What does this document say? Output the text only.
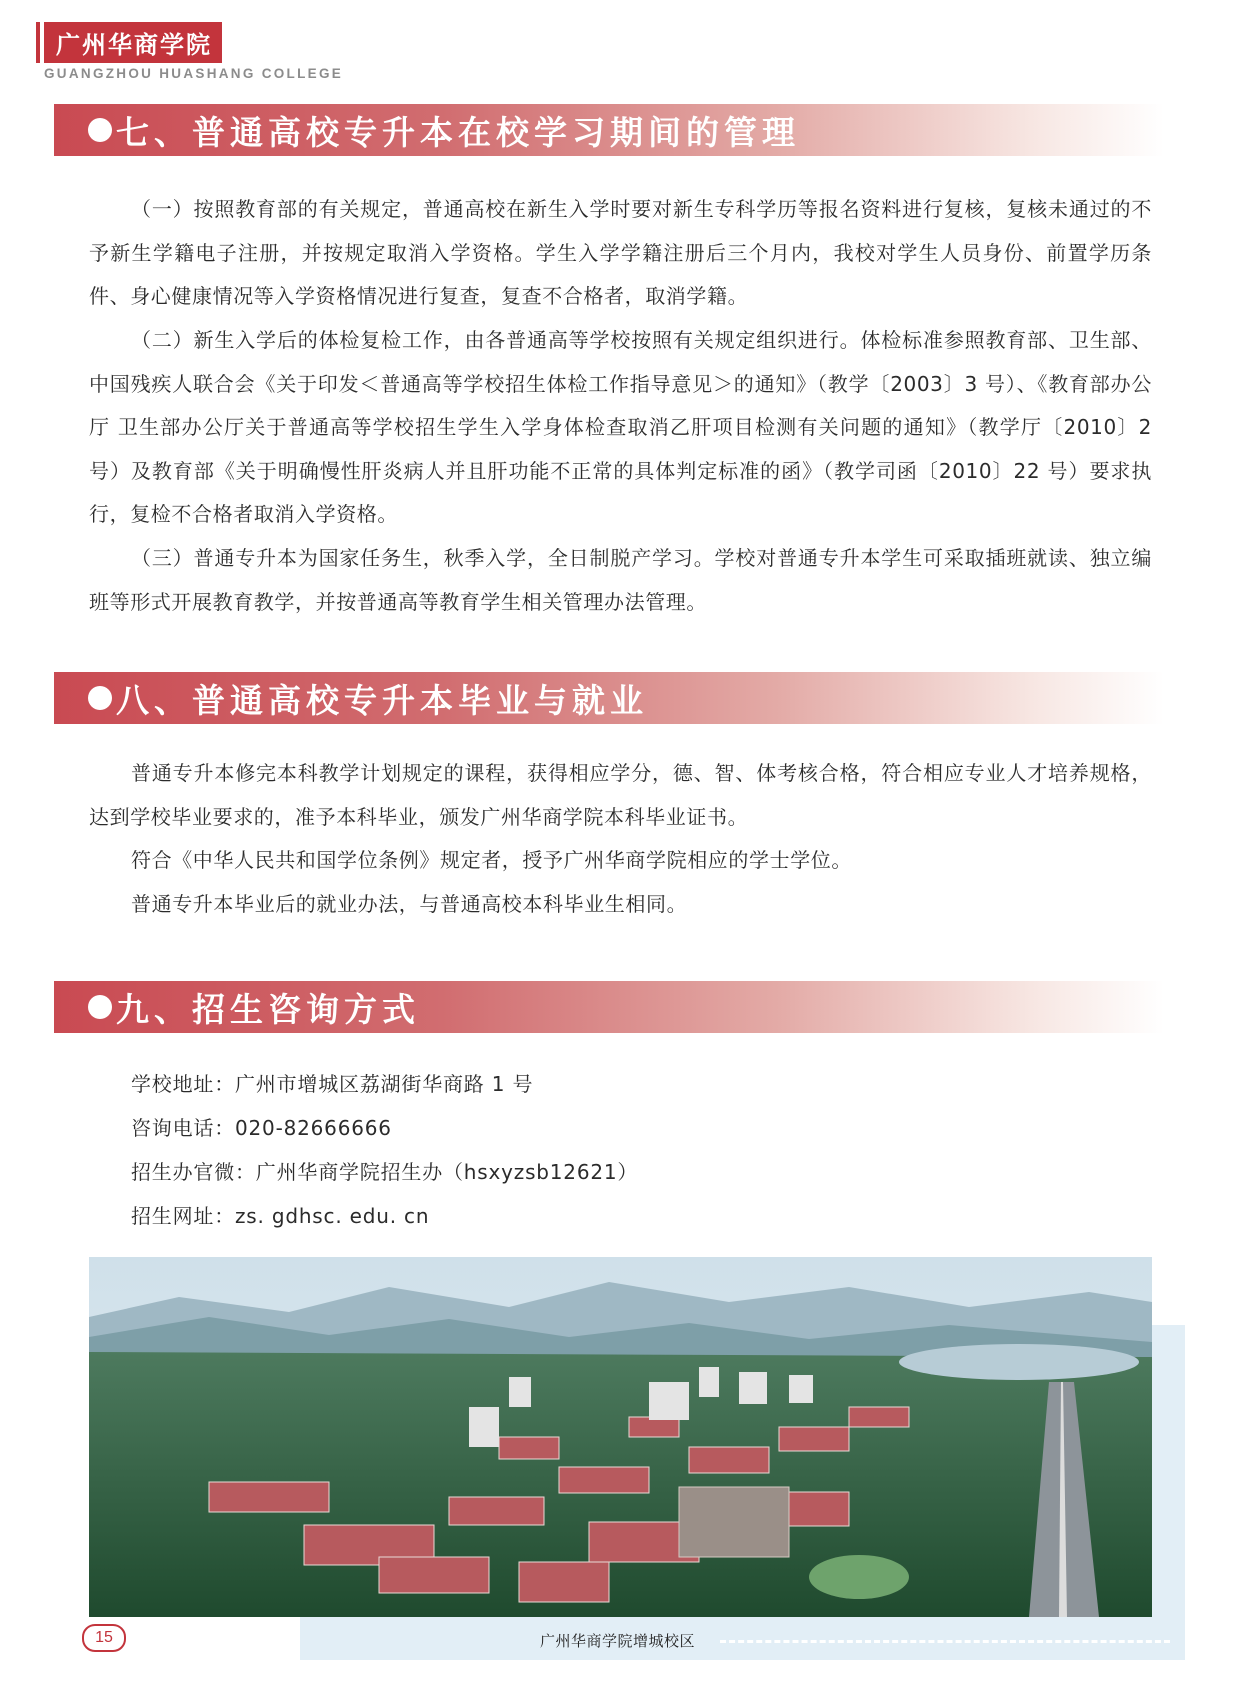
广州华商学院
GUANGZHOU HUASHANG COLLEGE
七、普通高校专升本在校学习期间的管理

（一）按照教育部的有关规定，普通高校在新生入学时要对新生专科学历等报名资料进行复核，复核未通过的不予新生学籍电子注册，并按规定取消入学资格。学生入学学籍注册后三个月内，我校对学生人员身份、前置学历条件、身心健康情况等入学资格情况进行复查，复查不合格者，取消学籍。

（二）新生入学后的体检复检工作，由各普通高等学校按照有关规定组织进行。体检标准参照教育部、卫生部、中国残疾人联合会《关于印发＜普通高等学校招生体检工作指导意见＞的通知》（教学〔2003〕3 号）、《教育部办公厅 卫生部办公厅关于普通高等学校招生学生入学身体检查取消乙肝项目检测有关问题的通知》（教学厅〔2010〕2 号）及教育部《关于明确慢性肝炎病人并且肝功能不正常的具体判定标准的函》（教学司函〔2010〕22 号）要求执行，复检不合格者取消入学资格。

（三）普通专升本为国家任务生，秋季入学，全日制脱产学习。学校对普通专升本学生可采取插班就读、独立编班等形式开展教育教学，并按普通高等教育学生相关管理办法管理。

八、普通高校专升本毕业与就业

普通专升本修完本科教学计划规定的课程，获得相应学分，德、智、体考核合格，符合相应专业人才培养规格，达到学校毕业要求的，准予本科毕业，颁发广州华商学院本科毕业证书。

符合《中华人民共和国学位条例》规定者，授予广州华商学院相应的学士学位。

普通专升本毕业后的就业办法，与普通高校本科毕业生相同。

九、招生咨询方式
学校地址：广州市增城区荔湖街华商路 1 号
咨询电话：020-82666666
招生办官微：广州华商学院招生办（hsxyzsb12621）
招生网址：zs. gdhsc. edu. cn
广州华商学院增城校区
15
